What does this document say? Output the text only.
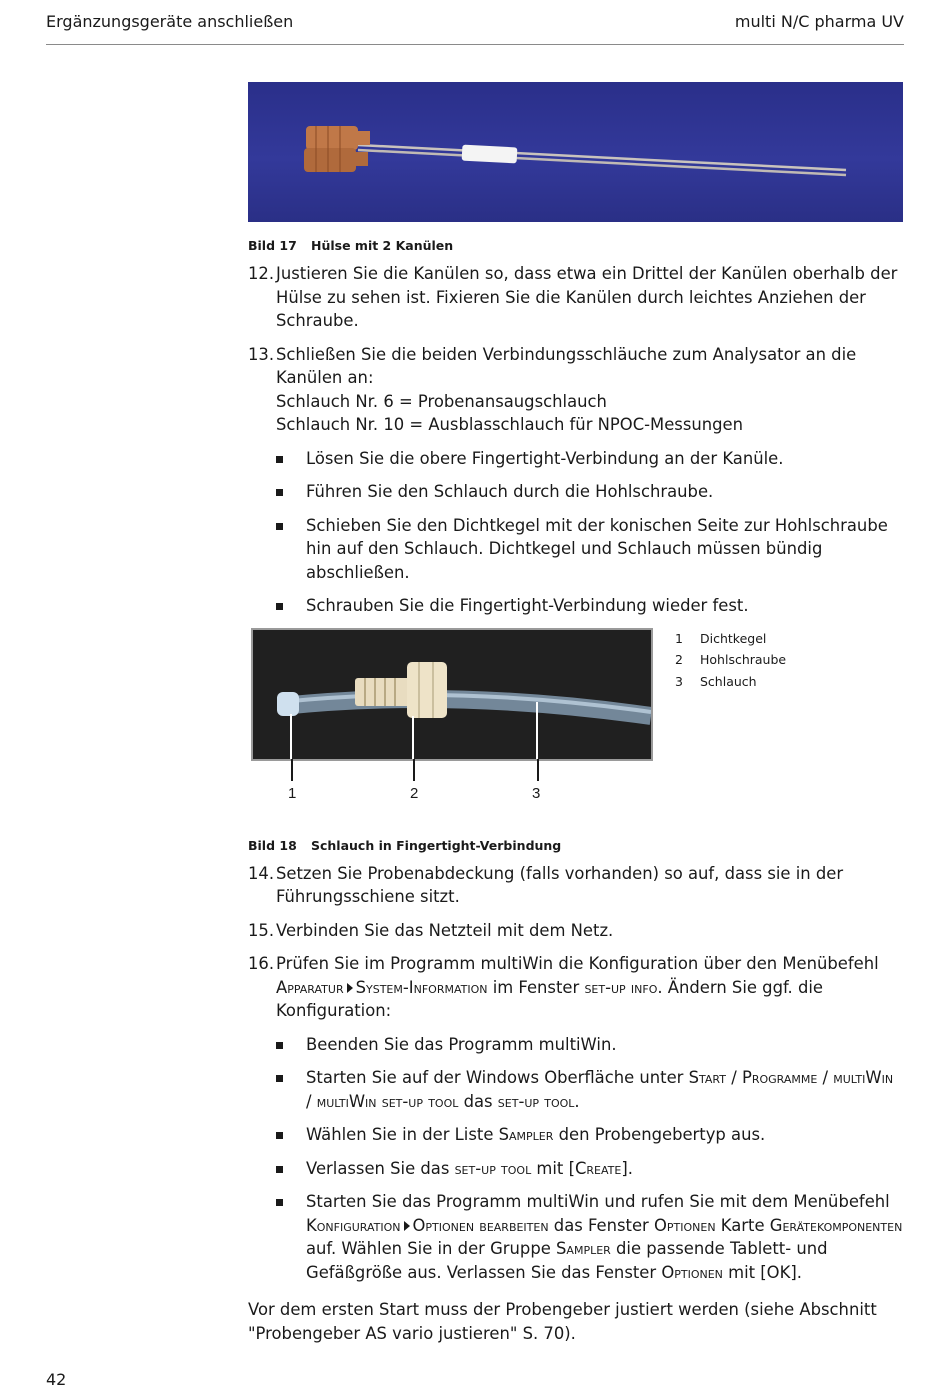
Ergänzungsgeräte anschließen	multi N/C pharma UV
Bild 17 Hülse mit 2 Kanülen
12. Justieren Sie die Kanülen so, dass etwa ein Drittel der Kanülen oberhalb der Hülse zu sehen ist. Fixieren Sie die Kanülen durch leichtes Anziehen der Schraube.
13. Schließen Sie die beiden Verbindungsschläuche zum Analysator an die Kanülen an:
Schlauch Nr. 6 = Probenansaugschlauch
Schlauch Nr. 10 = Ausblasschlauch für NPOC-Messungen
Lösen Sie die obere Fingertight-Verbindung an der Kanüle.
Führen Sie den Schlauch durch die Hohlschraube.
Schieben Sie den Dichtkegel mit der konischen Seite zur Hohlschraube hin auf den Schlauch. Dichtkegel und Schlauch müssen bündig abschließen.
Schrauben Sie die Fingertight-Verbindung wieder fest.
1	2	3
1 Dichtkegel
2 Hohlschraube
3 Schlauch
Bild 18 Schlauch in Fingertight-Verbindung
14. Setzen Sie Probenabdeckung (falls vorhanden) so auf, dass sie in der Führungsschiene sitzt.
15. Verbinden Sie das Netzteil mit dem Netz.
16. Prüfen Sie im Programm multiWin die Konfiguration über den Menübefehl Apparatur System-Information im Fenster set-up info. Ändern Sie ggf. die Konfiguration:
Beenden Sie das Programm multiWin.
Starten Sie auf der Windows Oberfläche unter Start / Programme / multiWin / multiWin set-up tool das set-up tool.
Wählen Sie in der Liste Sampler den Probengebertyp aus.
Verlassen Sie das set-up tool mit [Create].
Starten Sie das Programm multiWin und rufen Sie mit dem Menübefehl Konfiguration Optionen bearbeiten das Fenster Optionen Karte Gerätekomponenten auf. Wählen Sie in der Gruppe Sampler die passende Tablett- und Gefäßgröße aus. Verlassen Sie das Fenster Optionen mit [OK].
Vor dem ersten Start muss der Probengeber justiert werden (siehe Abschnitt "Probengeber AS vario justieren" S. 70).
42
